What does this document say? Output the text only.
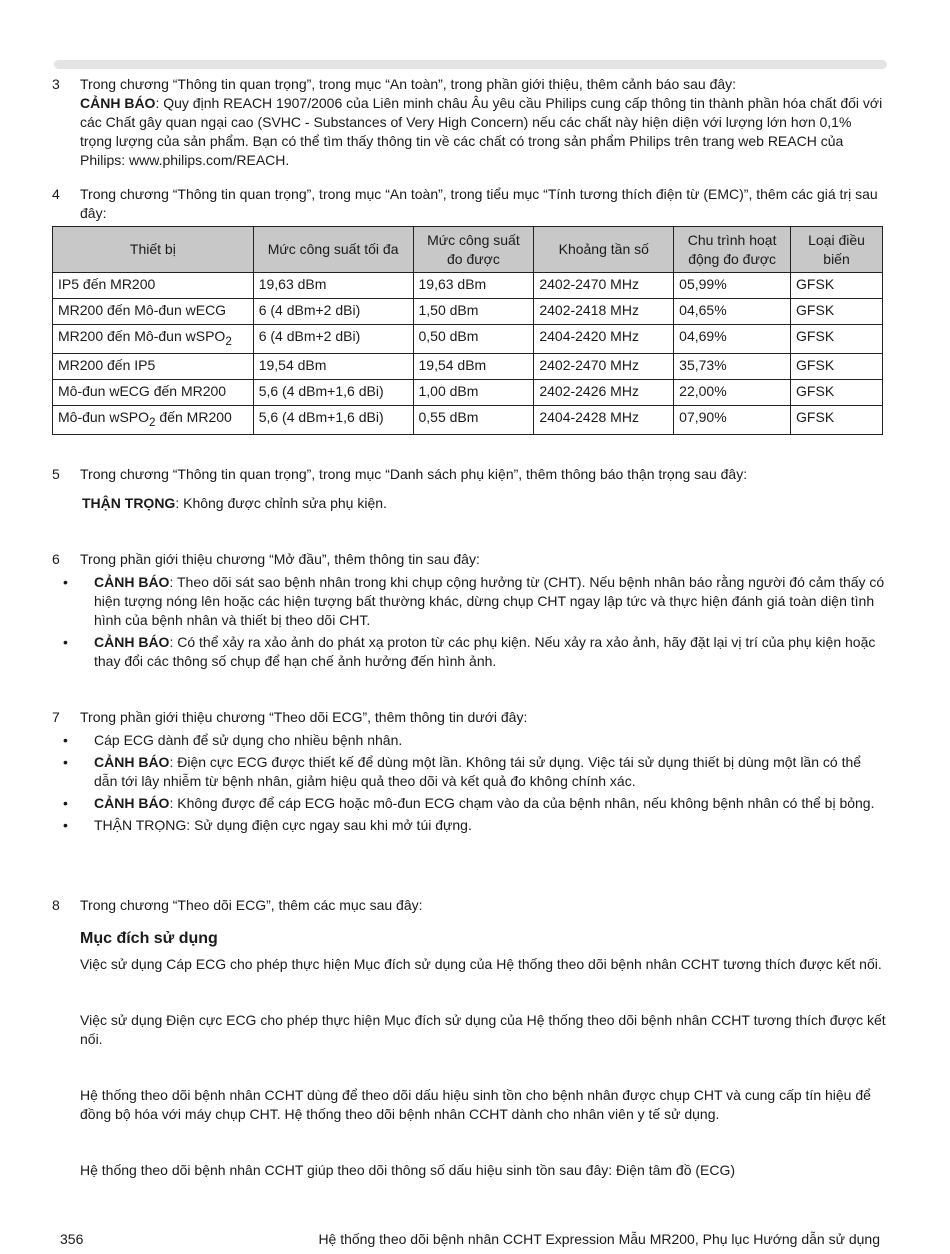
3 Trong chương “Thông tin quan trọng”, trong mục “An toàn”, trong phần giới thiệu, thêm cảnh báo sau đây:

CẢNH BÁO: Quy định REACH 1907/2006 của Liên minh châu Âu yêu cầu Philips cung cấp thông tin thành phần hóa chất đối với các Chất gây quan ngại cao (SVHC - Substances of Very High Concern) nếu các chất này hiện diện với lượng lớn hơn 0,1% trọng lượng của sản phẩm. Bạn có thể tìm thấy thông tin về các chất có trong sản phẩm Philips trên trang web REACH của Philips: www.philips.com/REACH.

4 Trong chương “Thông tin quan trọng”, trong mục “An toàn”, trong tiểu mục “Tính tương thích điện từ (EMC)”, thêm các giá trị sau đây:

Thiết bị	Mức công suất tối đa	Mức công suất đo được	Khoảng tần số	Chu trình hoạt động đo được	Loại điều biến
IP5 đến MR200	19,63 dBm	19,63 dBm	2402-2470 MHz	05,99%	GFSK
MR200 đến Mô-đun wECG	6 (4 dBm+2 dBi)	1,50 dBm	2402-2418 MHz	04,65%	GFSK
MR200 đến Mô-đun wSPO$_2$	6 (4 dBm+2 dBi)	0,50 dBm	2404-2420 MHz	04,69%	GFSK
MR200 đến IP5	19,54 dBm	19,54 dBm	2402-2470 MHz	35,73%	GFSK
Mô-đun wECG đến MR200	5,6 (4 dBm+1,6 dBi)	1,00 dBm	2402-2426 MHz	22,00%	GFSK
Mô-đun wSPO$_2$ đến MR200	5,6 (4 dBm+1,6 dBi)	0,55 dBm	2404-2428 MHz	07,90%	GFSK
5 Trong chương “Thông tin quan trọng”, trong mục “Danh sách phụ kiện”, thêm thông báo thận trọng sau đây:

THẬN TRỌNG: Không được chỉnh sửa phụ kiện.

6 Trong phần giới thiệu chương “Mở đầu”, thêm thông tin sau đây:

• CẢNH BÁO: Theo dõi sát sao bệnh nhân trong khi chụp cộng hưởng từ (CHT). Nếu bệnh nhân báo rằng người đó cảm thấy có hiện tượng nóng lên hoặc các hiện tượng bất thường khác, dừng chụp CHT ngay lập tức và thực hiện đánh giá toàn diện tình hình của bệnh nhân và thiết bị theo dõi CHT.
• CẢNH BÁO: Có thể xảy ra xảo ảnh do phát xạ proton từ các phụ kiện. Nếu xảy ra xảo ảnh, hãy đặt lại vị trí của phụ kiện hoặc thay đổi các thông số chụp để hạn chế ảnh hưởng đến hình ảnh.
7 Trong phần giới thiệu chương “Theo dõi ECG”, thêm thông tin dưới đây:

• Cáp ECG dành để sử dụng cho nhiều bệnh nhân.
• CẢNH BÁO: Điện cực ECG được thiết kế để dùng một lần. Không tái sử dụng. Việc tái sử dụng thiết bị dùng một lần có thể dẫn tới lây nhiễm từ bệnh nhân, giảm hiệu quả theo dõi và kết quả đo không chính xác.
• CẢNH BÁO: Không được để cáp ECG hoặc mô-đun ECG chạm vào da của bệnh nhân, nếu không bệnh nhân có thể bị bỏng.
• THẬN TRỌNG: Sử dụng điện cực ngay sau khi mở túi đựng.
8 Trong chương “Theo dõi ECG”, thêm các mục sau đây:

Mục đích sử dụng

Việc sử dụng Cáp ECG cho phép thực hiện Mục đích sử dụng của Hệ thống theo dõi bệnh nhân CCHT tương thích được kết nối.

Việc sử dụng Điện cực ECG cho phép thực hiện Mục đích sử dụng của Hệ thống theo dõi bệnh nhân CCHT tương thích được kết nối.

Hệ thống theo dõi bệnh nhân CCHT dùng để theo dõi dấu hiệu sinh tồn cho bệnh nhân được chụp CHT và cung cấp tín hiệu để đồng bộ hóa với máy chụp CHT. Hệ thống theo dõi bệnh nhân CCHT dành cho nhân viên y tế sử dụng.

Hệ thống theo dõi bệnh nhân CCHT giúp theo dõi thông số dấu hiệu sinh tồn sau đây: Điện tâm đồ (ECG)

356	Hệ thống theo dõi bệnh nhân CCHT Expression Mẫu MR200, Phụ lục Hướng dẫn sử dụng
